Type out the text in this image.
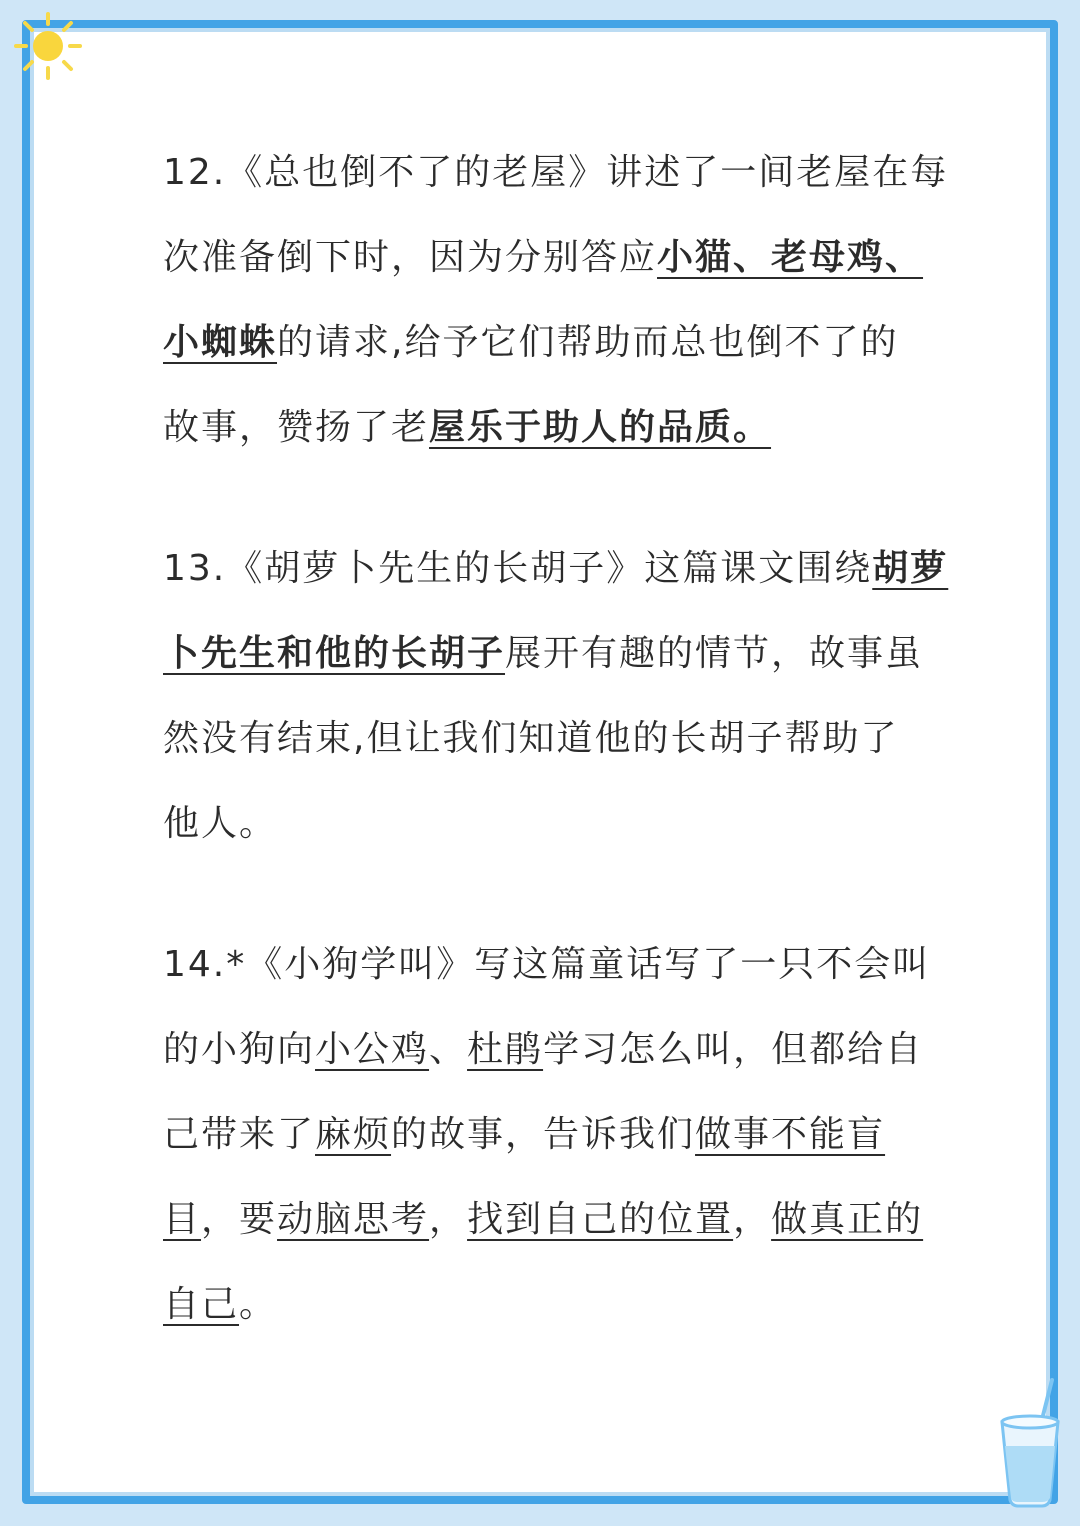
12.《总也倒不了的老屋》讲述了一间老屋在每
次准备倒下时，因为分别答应小猫、老母鸡、
小蜘蛛的请求,给予它们帮助而总也倒不了的
故事，赞扬了老屋乐于助人的品质。
13.《胡萝卜先生的长胡子》这篇课文围绕胡萝
卜先生和他的长胡子展开有趣的情节，故事虽
然没有结束,但让我们知道他的长胡子帮助了
他人。
14.*《小狗学叫》写这篇童话写了一只不会叫
的小狗向小公鸡、杜鹃学习怎么叫，但都给自
己带来了麻烦的故事，告诉我们做事不能盲
目，要动脑思考，找到自己的位置，做真正的
自己。
